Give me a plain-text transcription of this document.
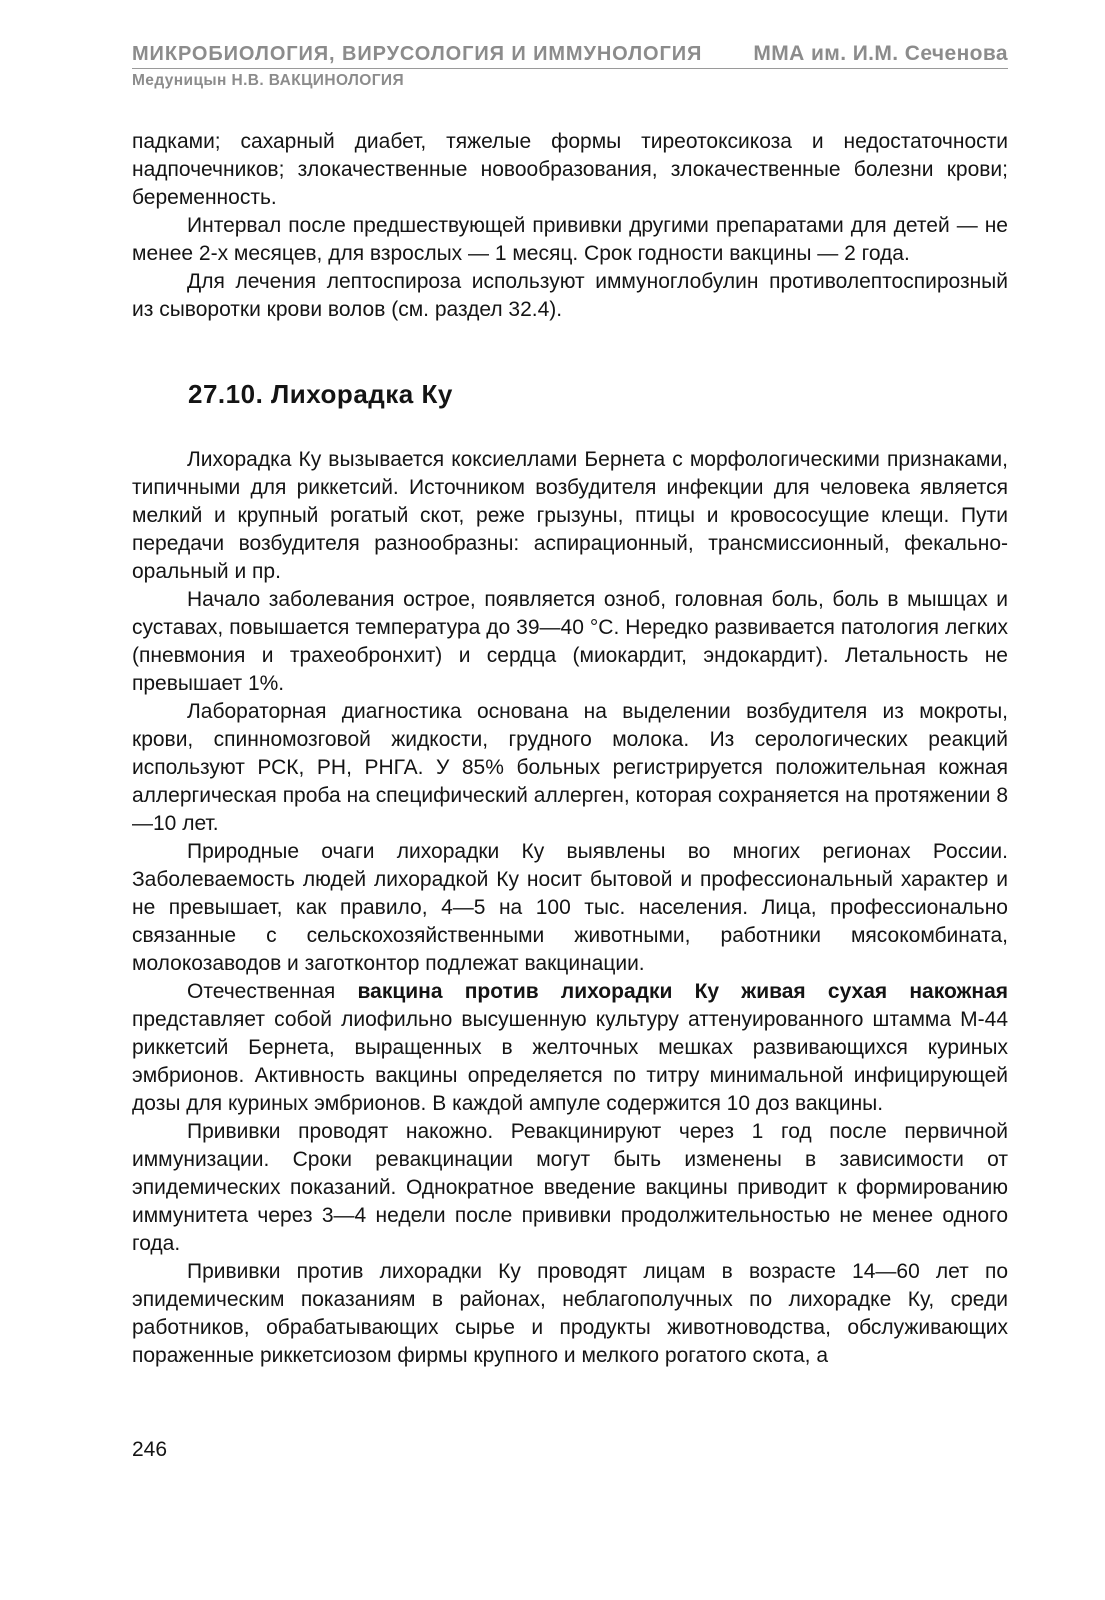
МИКРОБИОЛОГИЯ, ВИРУСОЛОГИЯ И ИММУНОЛОГИЯ ММА им. И.М. Сеченова
Медуницын Н.В. ВАКЦИНОЛОГИЯ

падками; сахарный диабет, тяжелые формы тиреотоксикоза и недостаточности надпочечников; злокачественные новообразования, злокачественные болезни крови; беременность.

Интервал после предшествующей прививки другими препаратами для детей — не менее 2-х месяцев, для взрослых — 1 месяц. Срок годности вакцины — 2 года.

Для лечения лептоспироза используют иммуноглобулин противолептоспирозный из сыворотки крови волов (см. раздел 32.4).

27.10. Лихорадка Ку

Лихорадка Ку вызывается коксиеллами Бернета с морфологическими признаками, типичными для риккетсий. Источником возбудителя инфекции для человека является мелкий и крупный рогатый скот, реже грызуны, птицы и кровососущие клещи. Пути передачи возбудителя разнообразны: аспирационный, трансмиссионный, фекально-оральный и пр.

Начало заболевания острое, появляется озноб, головная боль, боль в мышцах и суставах, повышается температура до 39—40 °С. Нередко развивается патология легких (пневмония и трахеобронхит) и сердца (миокардит, эндокардит). Летальность не превышает 1%.

Лабораторная диагностика основана на выделении возбудителя из мокроты, крови, спинномозговой жидкости, грудного молока. Из серологических реакций используют РСК, РН, РНГА. У 85% больных регистрируется положительная кожная аллергическая проба на специфический аллерген, которая сохраняется на протяжении 8—10 лет.

Природные очаги лихорадки Ку выявлены во многих регионах России. Заболеваемость людей лихорадкой Ку носит бытовой и профессиональный характер и не превышает, как правило, 4—5 на 100 тыс. населения. Лица, профессионально связанные с сельскохозяйственными животными, работники мясокомбината, молокозаводов и заготконтор подлежат вакцинации.

Отечественная вакцина против лихорадки Ку живая сухая накожная представляет собой лиофильно высушенную культуру аттенуированного штамма М-44 риккетсий Бернета, выращенных в желточных мешках развивающихся куриных эмбрионов. Активность вакцины определяется по титру минимальной инфицирующей дозы для куриных эмбрионов. В каждой ампуле содержится 10 доз вакцины.

Прививки проводят накожно. Ревакцинируют через 1 год после первичной иммунизации. Сроки ревакцинации могут быть изменены в зависимости от эпидемических показаний. Однократное введение вакцины приводит к формированию иммунитета через 3—4 недели после прививки продолжительностью не менее одного года.

Прививки против лихорадки Ку проводят лицам в возрасте 14—60 лет по эпидемическим показаниям в районах, неблагополучных по лихорадке Ку, среди работников, обрабатывающих сырье и продукты животноводства, обслуживающих пораженные риккетсиозом фирмы крупного и мелкого рогатого скота, а

246
